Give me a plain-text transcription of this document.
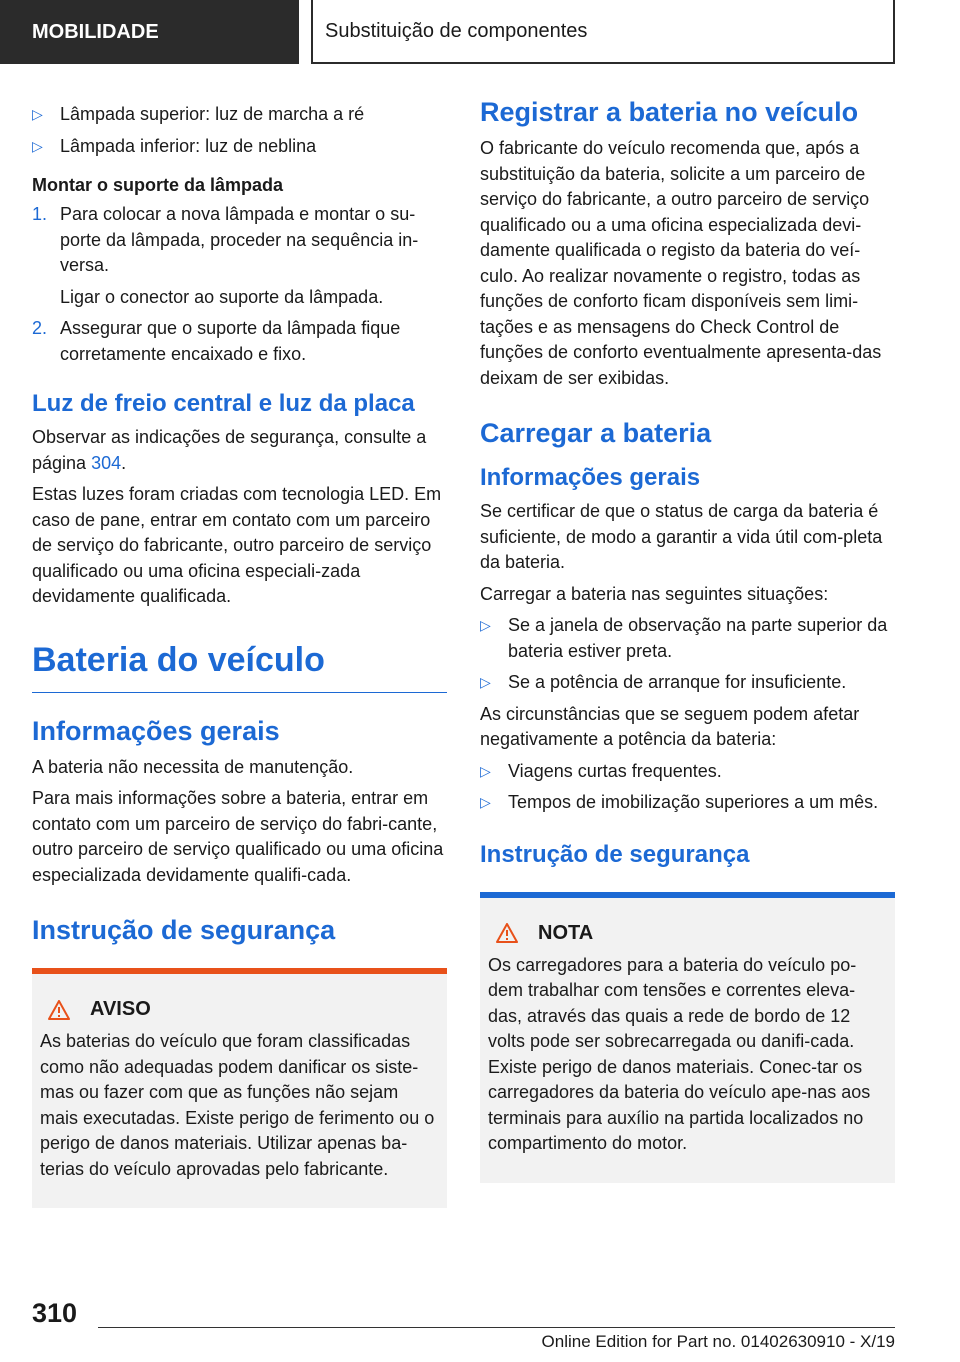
MOBILIDADE	Substituição de componentes
▷ Lâmpada superior: luz de marcha a ré
▷ Lâmpada inferior: luz de neblina
Montar o suporte da lâmpada
1. Para colocar a nova lâmpada e montar o su-porte da lâmpada, proceder na sequência in-versa.

Ligar o conector ao suporte da lâmpada.

2. Assegurar que o suporte da lâmpada fique corretamente encaixado e fixo.

Luz de freio central e luz da placa

Observar as indicações de segurança, consulte a página 304.

Estas luzes foram criadas com tecnologia LED. Em caso de pane, entrar em contato com um parceiro de serviço do fabricante, outro parceiro de serviço qualificado ou uma oficina especiali-zada devidamente qualificada.

Bateria do veículo
Informações gerais

A bateria não necessita de manutenção.

Para mais informações sobre a bateria, entrar em contato com um parceiro de serviço do fabri-cante, outro parceiro de serviço qualificado ou uma oficina especializada devidamente qualifi-cada.

Instrução de segurança
AVISO

As baterias do veículo que foram classificadas como não adequadas podem danificar os siste-mas ou fazer com que as funções não sejam mais executadas. Existe perigo de ferimento ou o perigo de danos materiais. Utilizar apenas ba-terias do veículo aprovadas pelo fabricante.

Registrar a bateria no veículo

O fabricante do veículo recomenda que, após a substituição da bateria, solicite a um parceiro de serviço do fabricante, a outro parceiro de serviço qualificado ou a uma oficina especializada devi-damente qualificada o registo da bateria do veí-culo. Ao realizar novamente o registro, todas as funções de conforto ficam disponíveis sem limi-tações e as mensagens do Check Control de funções de conforto eventualmente apresenta-das deixam de ser exibidas.

Carregar a bateria
Informações gerais

Se certificar de que o status de carga da bateria é suficiente, de modo a garantir a vida útil com-pleta da bateria.

Carregar a bateria nas seguintes situações:

▷ Se a janela de observação na parte superior da bateria estiver preta.
▷ Se a potência de arranque for insuficiente.

As circunstâncias que se seguem podem afetar negativamente a potência da bateria:

▷ Viagens curtas frequentes.
▷ Tempos de imobilização superiores a um mês.
Instrução de segurança
NOTA

Os carregadores para a bateria do veículo po-dem trabalhar com tensões e correntes eleva-das, através das quais a rede de bordo de 12 volts pode ser sobrecarregada ou danifi-cada. Existe perigo de danos materiais. Conec-tar os carregadores da bateria do veículo ape-nas aos terminais para auxílio na partida localizados no compartimento do motor.

310
Online Edition for Part no. 01402630910 - X/19
